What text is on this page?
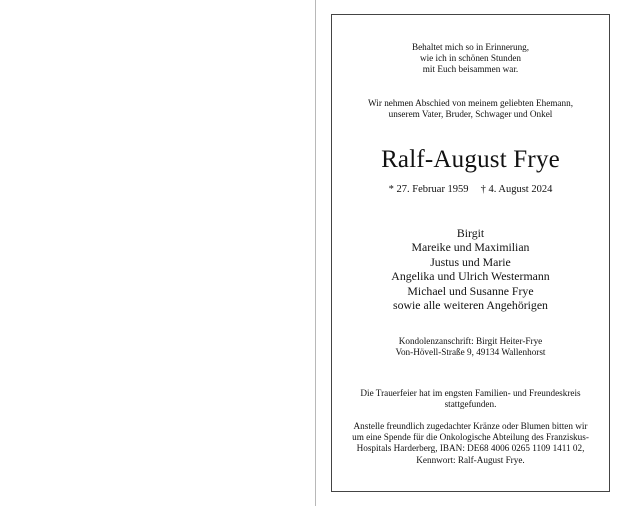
Behaltet mich so in Erinnerung,
wie ich in schönen Stunden
mit Euch beisammen war.
Wir nehmen Abschied von meinem geliebten Ehemann,
unserem Vater, Bruder, Schwager und Onkel
Ralf-August Frye
* 27. Februar 1959 † 4. August 2024
Birgit
Mareike und Maximilian
Justus und Marie
Angelika und Ulrich Westermann
Michael und Susanne Frye
sowie alle weiteren Angehörigen
Kondolenzanschrift: Birgit Heiter-Frye
Von-Hövell-Straße 9, 49134 Wallenhorst
Die Trauerfeier hat im engsten Familien- und Freundeskreis
stattgefunden.
Anstelle freundlich zugedachter Kränze oder Blumen bitten wir
um eine Spende für die Onkologische Abteilung des Franziskus-
Hospitals Harderberg, IBAN: DE68 4006 0265 1109 1411 02,
Kennwort: Ralf-August Frye.
